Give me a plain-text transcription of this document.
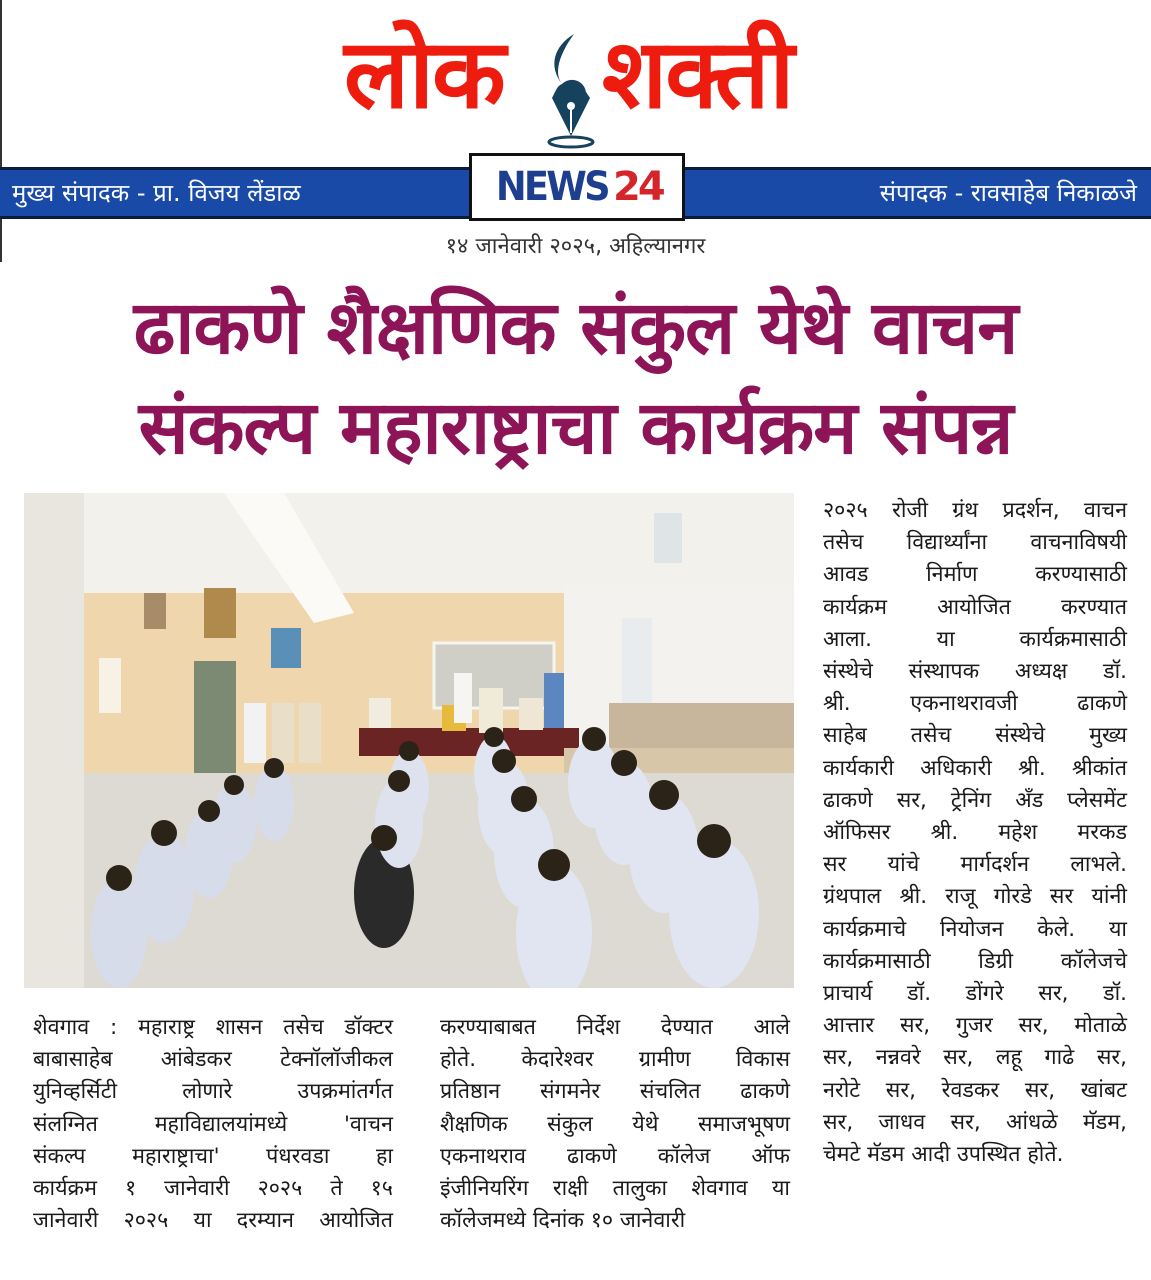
लोक शक्ती
मुख्य संपादक - प्रा. विजय लेंडाळ	संपादक - रावसाहेब निकाळजे
NEWS 24
१४ जानेवारी २०२५, अहिल्यानगर
ढाकणे शैक्षणिक संकुल येथे वाचन
संकल्प महाराष्ट्राचा कार्यक्रम संपन्न
शेवगाव : महाराष्ट्र शासन तसेच डॉक्टर
बाबासाहेब आंबेडकर टेक्नॉलॉजीकल
युनिव्हर्सिटी लोणारे उपक्रमांतर्गत
संलग्नित महाविद्यालयांमध्ये 'वाचन
संकल्प महाराष्ट्राचा' पंधरवडा हा
कार्यक्रम १ जानेवारी २०२५ ते १५
जानेवारी २०२५ या दरम्यान आयोजित
करण्याबाबत निर्देश देण्यात आले
होते. केदारेश्वर ग्रामीण विकास
प्रतिष्ठान संगमनेर संचलित ढाकणे
शैक्षणिक संकुल येथे समाजभूषण
एकनाथराव ढाकणे कॉलेज ऑफ
इंजीनियरिंग राक्षी तालुका शेवगाव या
कॉलेजमध्ये दिनांक १० जानेवारी
२०२५ रोजी ग्रंथ प्रदर्शन, वाचन
तसेच विद्यार्थ्यांना वाचनाविषयी
आवड निर्माण करण्यासाठी
कार्यक्रम आयोजित करण्यात
आला. या कार्यक्रमासाठी
संस्थेचे संस्थापक अध्यक्ष डॉ.
श्री. एकनाथरावजी ढाकणे
साहेब तसेच संस्थेचे मुख्य
कार्यकारी अधिकारी श्री. श्रीकांत
ढाकणे सर, ट्रेनिंग अँड प्लेसमेंट
ऑफिसर श्री. महेश मरकड
सर यांचे मार्गदर्शन लाभले.
ग्रंथपाल श्री. राजू गोरडे सर यांनी
कार्यक्रमाचे नियोजन केले. या
कार्यक्रमासाठी डिग्री कॉलेजचे
प्राचार्य डॉ. डोंगरे सर, डॉ.
आत्तार सर, गुजर सर, मोताळे
सर, नन्नवरे सर, लहू गाढे सर,
नरोटे सर, रेवडकर सर, खांबट
सर, जाधव सर, आंधळे मॅडम,
चेमटे मॅडम आदी उपस्थित होते.
